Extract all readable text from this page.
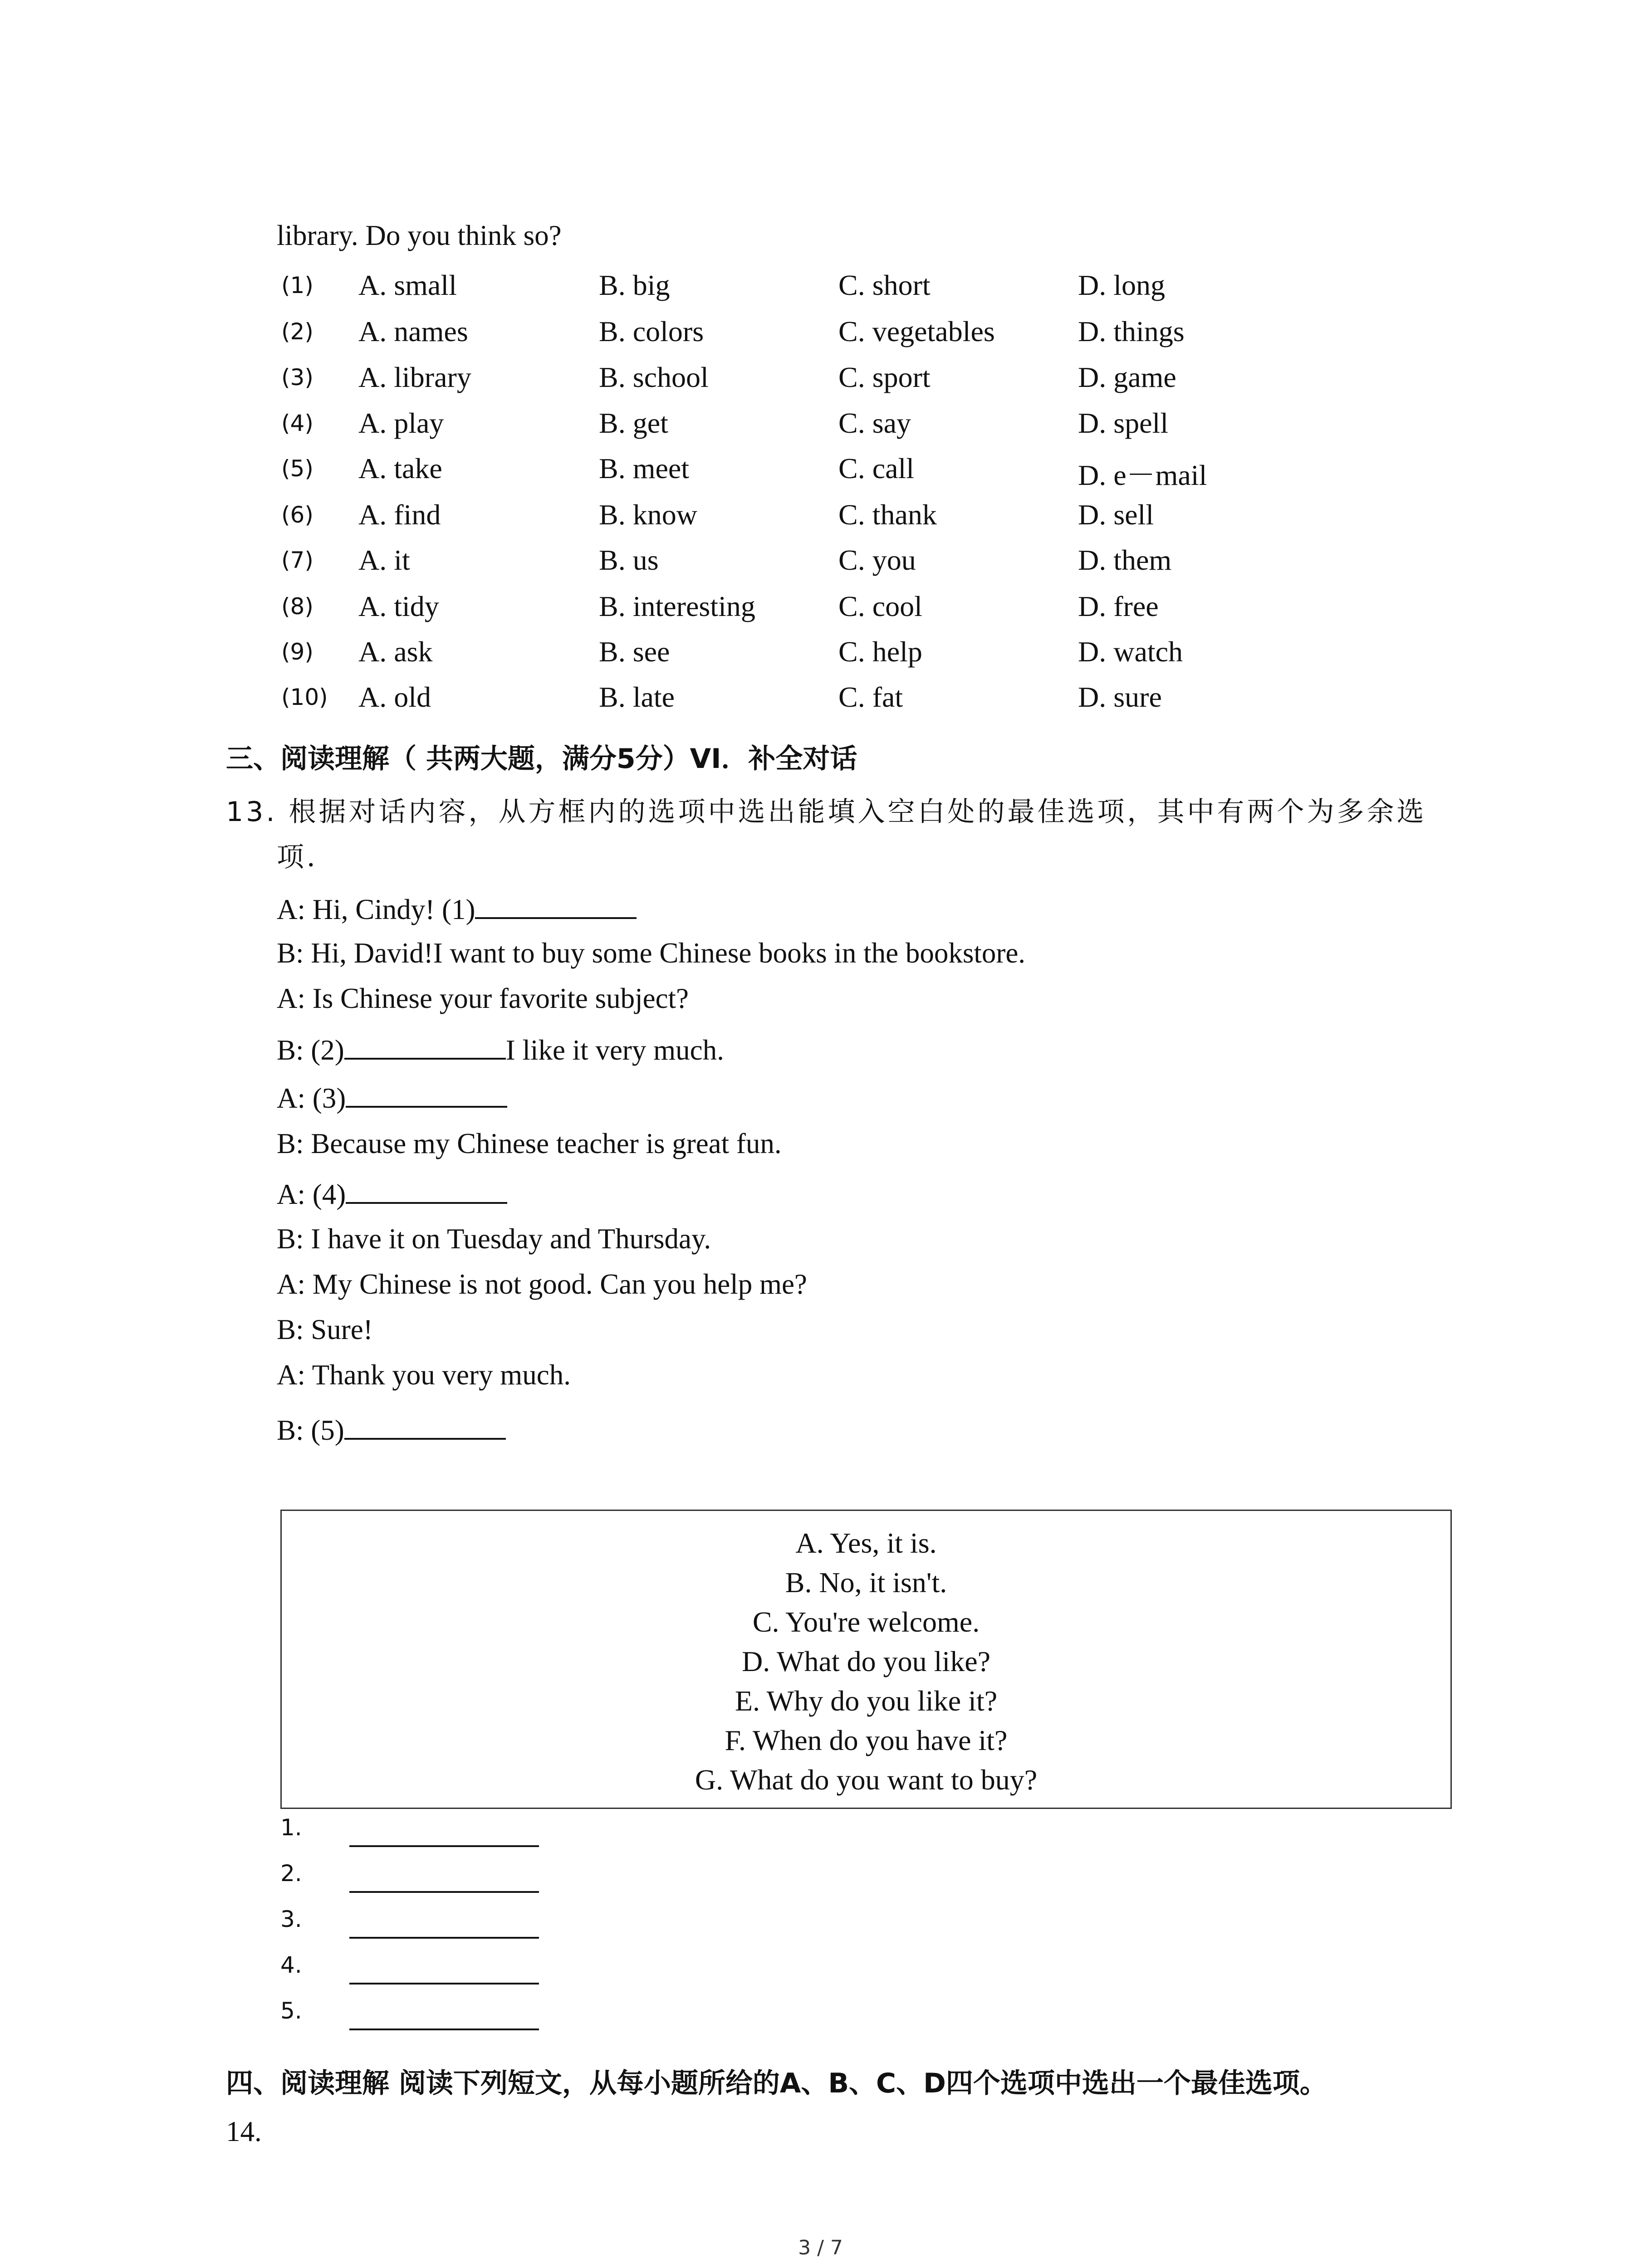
library. Do you think so?
(1) A. small	B. big	C. short	D. long
(2) A. names	B. colors	C. vegetables	D. things
(3) A. library	B. school	C. sport	D. game
(4) A. play	B. get	C. say	D. spell
(5) A. take	B. meet	C. call	D. e－mail
(6) A. find	B. know	C. thank	D. sell
(7) A. it	B. us	C. you	D. them
(8) A. tidy	B. interesting	C. cool	D. free
(9) A. ask	B. see	C. help	D. watch
(10) A. old	B. late	C. fat	D. sure
三、阅读理解（ 共两大题，满分5分）VI．补全对话
13. 根据对话内容，从方框内的选项中选出能填入空白处的最佳选项，其中有两个为多余选
项．
A: Hi, Cindy! (1)
B: Hi, David!I want to buy some Chinese books in the bookstore.
A: Is Chinese your favorite subject?
B: (2)	I like it very much.
A: (3)
B: Because my Chinese teacher is great fun.
A: (4)
B: I have it on Tuesday and Thursday.
A: My Chinese is not good. Can you help me?
B: Sure!
A: Thank you very much.
B: (5)
A. Yes, it is.
B. No, it isn't.
C. You're welcome.
D. What do you like?
E. Why do you like it?
F. When do you have it?
G. What do you want to buy?
1.
2.
3.
4.
5.
四、阅读理解 阅读下列短文，从每小题所给的A、B、C、D四个选项中选出一个最佳选项。
14.
3 / 7
